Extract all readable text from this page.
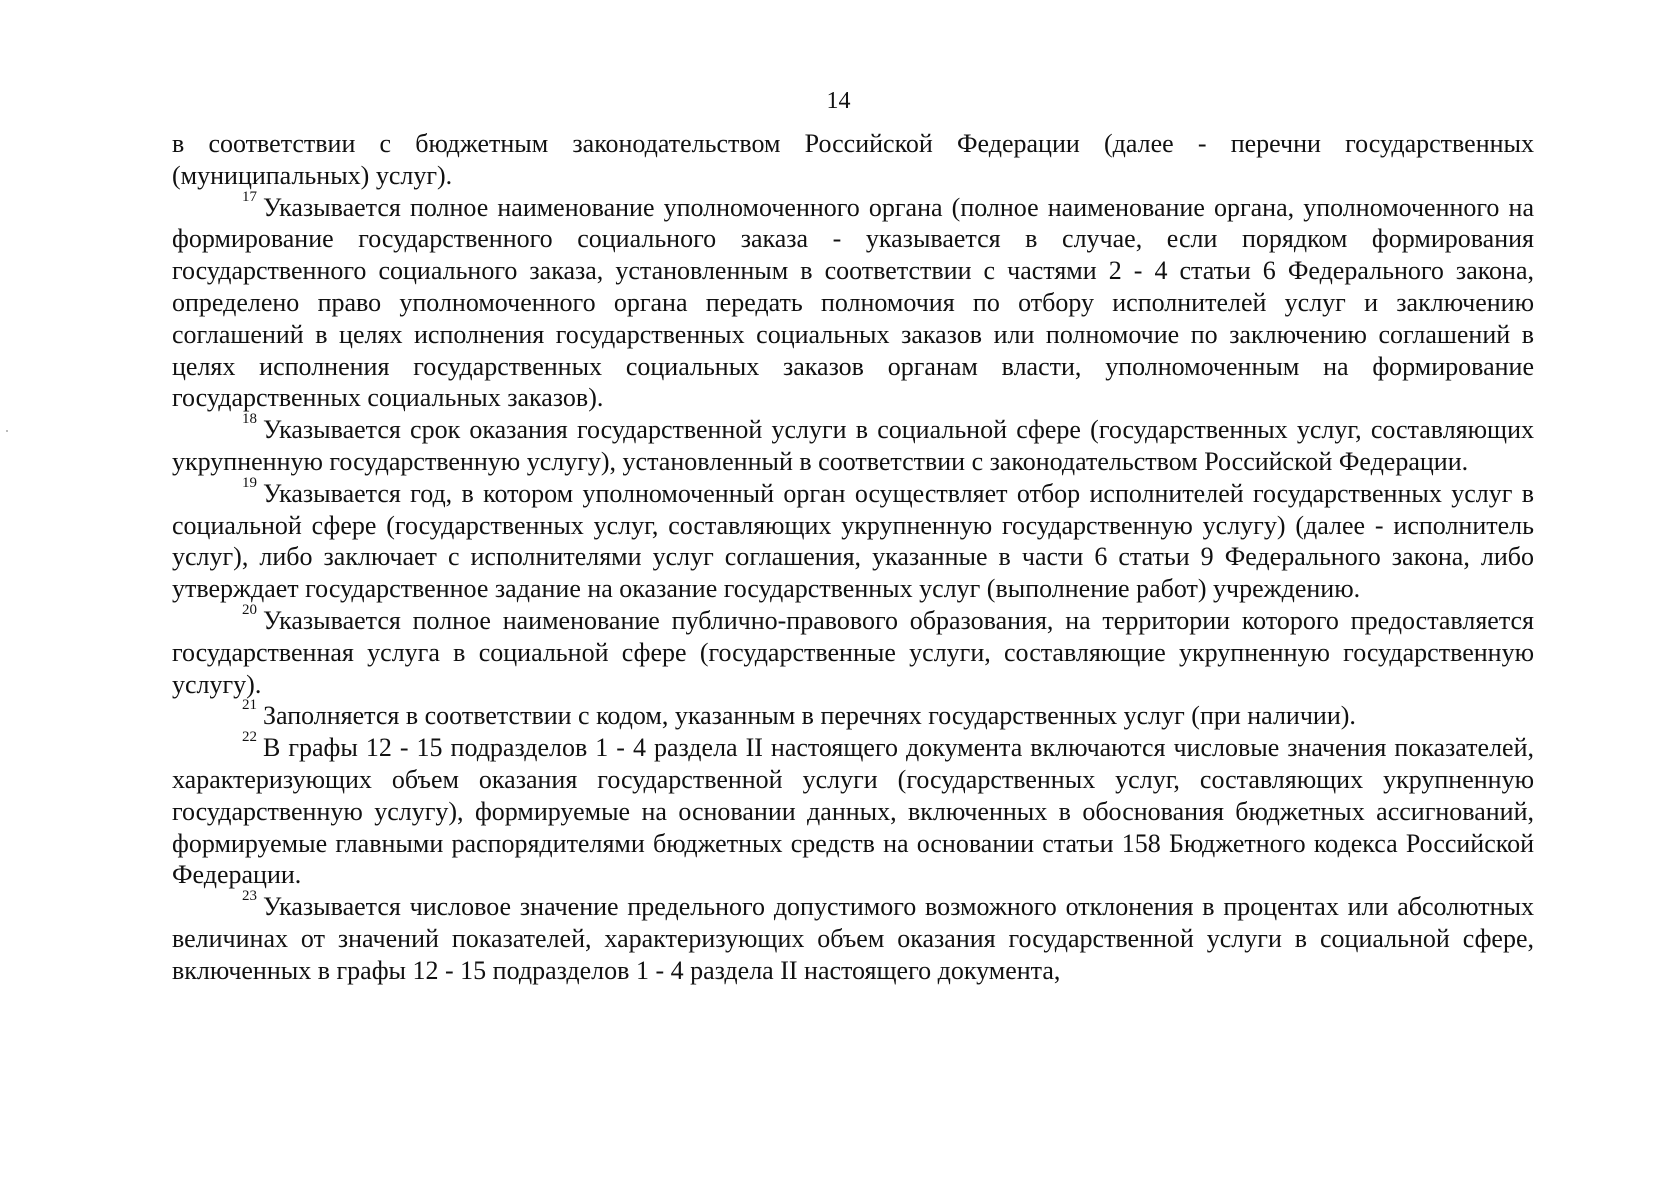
14

в соответствии с бюджетным законодательством Российской Федерации (далее - перечни государственных (муниципальных) услуг).

$^{17}$ Указывается полное наименование уполномоченного органа (полное наименование органа, уполномоченного на формирование государственного социального заказа - указывается в случае, если порядком формирования государственного социального заказа, установленным в соответствии с частями 2 - 4 статьи 6 Федерального закона, определено право уполномоченного органа передать полномочия по отбору исполнителей услуг и заключению соглашений в целях исполнения государственных социальных заказов или полномочие по заключению соглашений в целях исполнения государственных социальных заказов органам власти, уполномоченным на формирование государственных социальных заказов).

$^{18}$ Указывается срок оказания государственной услуги в социальной сфере (государственных услуг, составляющих укрупненную государственную услугу), установленный в соответствии с законодательством Российской Федерации.

$^{19}$ Указывается год, в котором уполномоченный орган осуществляет отбор исполнителей государственных услуг в социальной сфере (государственных услуг, составляющих укрупненную государственную услугу) (далее - исполнитель услуг), либо заключает с исполнителями услуг соглашения, указанные в части 6 статьи 9 Федерального закона, либо утверждает государственное задание на оказание государственных услуг (выполнение работ) учреждению.

$^{20}$ Указывается полное наименование публично-правового образования, на территории которого предоставляется государственная услуга в социальной сфере (государственные услуги, составляющие укрупненную государственную услугу).

$^{21}$ Заполняется в соответствии с кодом, указанным в перечнях государственных услуг (при наличии).

$^{22}$ В графы 12 - 15 подразделов 1 - 4 раздела II настоящего документа включаются числовые значения показателей, характеризующих объем оказания государственной услуги (государственных услуг, составляющих укрупненную государственную услугу), формируемые на основании данных, включенных в обоснования бюджетных ассигнований, формируемые главными распорядителями бюджетных средств на основании статьи 158 Бюджетного кодекса Российской Федерации.

$^{23}$ Указывается числовое значение предельного допустимого возможного отклонения в процентах или абсолютных величинах от значений показателей, характеризующих объем оказания государственной услуги в социальной сфере, включенных в графы 12 - 15 подразделов 1 - 4 раздела II настоящего документа,
